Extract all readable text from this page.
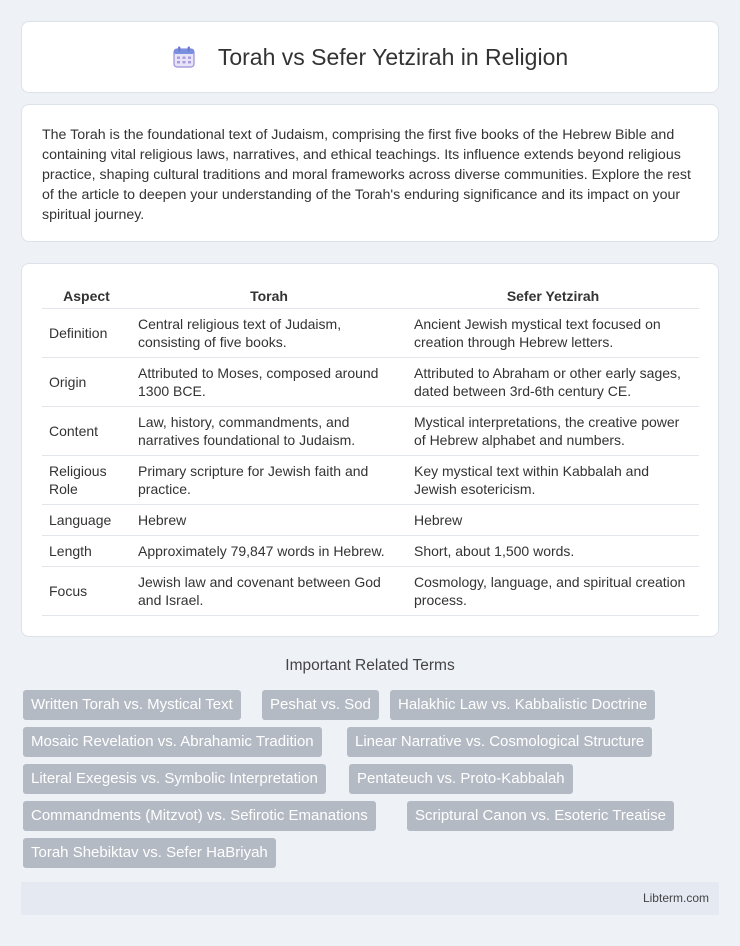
Torah vs Sefer Yetzirah in Religion

The Torah is the foundational text of Judaism, comprising the first five books of the Hebrew Bible and containing vital religious laws, narratives, and ethical teachings. Its influence extends beyond religious practice, shaping cultural traditions and moral frameworks across diverse communities. Explore the rest of the article to deepen your understanding of the Torah's enduring significance and its impact on your spiritual journey.

Aspect	Torah	Sefer Yetzirah
Definition	Central religious text of Judaism, consisting of five books.	Ancient Jewish mystical text focused on creation through Hebrew letters.
Origin	Attributed to Moses, composed around 1300 BCE.	Attributed to Abraham or other early sages, dated between 3rd-6th century CE.
Content	Law, history, commandments, and narratives foundational to Judaism.	Mystical interpretations, the creative power of Hebrew alphabet and numbers.
Religious Role	Primary scripture for Jewish faith and practice.	Key mystical text within Kabbalah and Jewish esotericism.
Language	Hebrew	Hebrew
Length	Approximately 79,847 words in Hebrew.	Short, about 1,500 words.
Focus	Jewish law and covenant between God and Israel.	Cosmology, language, and spiritual creation process.
Important Related Terms
Written Torah vs. Mystical Text	Peshat vs. Sod	Halakhic Law vs. Kabbalistic Doctrine
Mosaic Revelation vs. Abrahamic Tradition	Linear Narrative vs. Cosmological Structure
Literal Exegesis vs. Symbolic Interpretation	Pentateuch vs. Proto-Kabbalah
Commandments (Mitzvot) vs. Sefirotic Emanations	Scriptural Canon vs. Esoteric Treatise
Torah Shebiktav vs. Sefer HaBriyah
Libterm.com
